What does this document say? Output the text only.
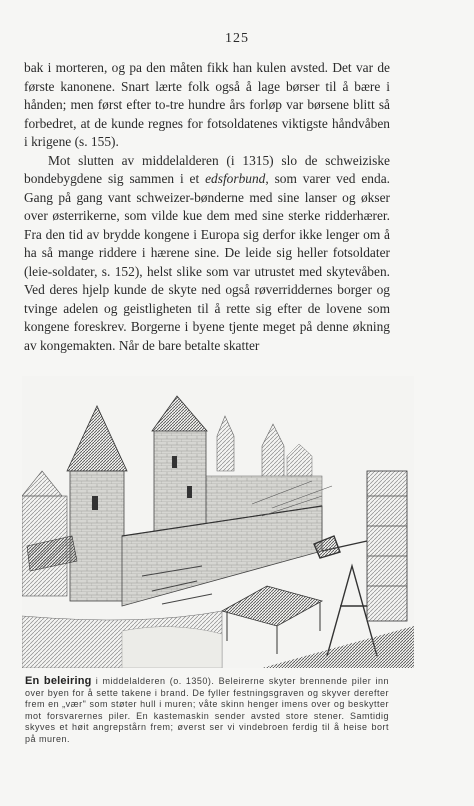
125

bak i morteren, og pa den måten fikk han kulen avsted. Det var de første kanonene. Snart lærte folk også å lage børser til å bære i hånden; men først efter to-tre hundre års forløp var børsene blitt så forbedret, at de kunde regnes for fotsoldatenes viktigste håndvåben i krigene (s. 155).

Mot slutten av middelalderen (i 1315) slo de schweiziske bondebygdene sig sammen i et edsforbund, som varer ved enda. Gang på gang vant schweizer-bønderne med sine lanser og økser over østerrikerne, som vilde kue dem med sine sterke ridderhærer. Fra den tid av brydde kongene i Europa sig derfor ikke lenger om å ha så mange riddere i hærene sine. De leide sig heller fotsoldater (leie-soldater, s. 152), helst slike som var utrustet med skytevåben. Ved deres hjelp kunde de skyte ned også røverriddernes borger og tvinge adelen og geistligheten til å rette sig efter de lovene som kongene foreskrev. Borgerne i byene tjente meget på denne økning av kongemakten. Når de bare betalte skatter

En beleiring i middelalderen (o. 1350). Beleirerne skyter brennende piler inn over byen for å sette takene i brand. De fyller festningsgraven og skyver derefter frem en „vær" som støter hull i muren; våte skinn henger imens over og beskytter mot forsvarernes piler. En kastemaskin sender avsted store stener. Samtidig skyves et høit angrepstårn frem; øverst ser vi vindebroen ferdig til å heise bort på muren.
